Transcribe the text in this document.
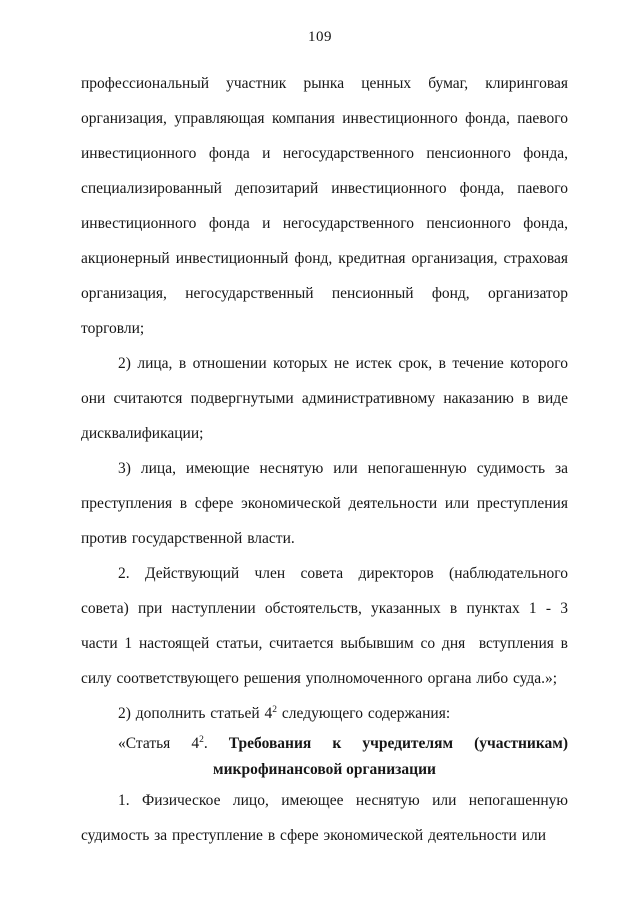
109

профессиональный участник рынка ценных бумаг, клиринговая организация, управляющая компания инвестиционного фонда, паевого инвестиционного фонда и негосударственного пенсионного фонда, специализированный депозитарий инвестиционного фонда, паевого инвестиционного фонда и негосударственного пенсионного фонда, акционерный инвестиционный фонд, кредитная организация, страховая организация, негосударственный пенсионный фонд, организатор торговли;

2) лица, в отношении которых не истек срок, в течение которого они считаются подвергнутыми административному наказанию в виде дисквалификации;

3) лица, имеющие неснятую или непогашенную судимость за преступления в сфере экономической деятельности или преступления против государственной власти.

2. Действующий член совета директоров (наблюдательного совета) при наступлении обстоятельств, указанных в пунктах 1 - 3 части 1 настоящей статьи, считается выбывшим со дня  вступления в силу соответствующего решения уполномоченного органа либо суда.»;

2) дополнить статьей $4^2$ следующего содержания:

«Статья $4^2$. Требования к учредителям (участникам)
микрофинансовой организации

1. Физическое лицо, имеющее неснятую или непогашенную судимость за преступление в сфере экономической деятельности или
